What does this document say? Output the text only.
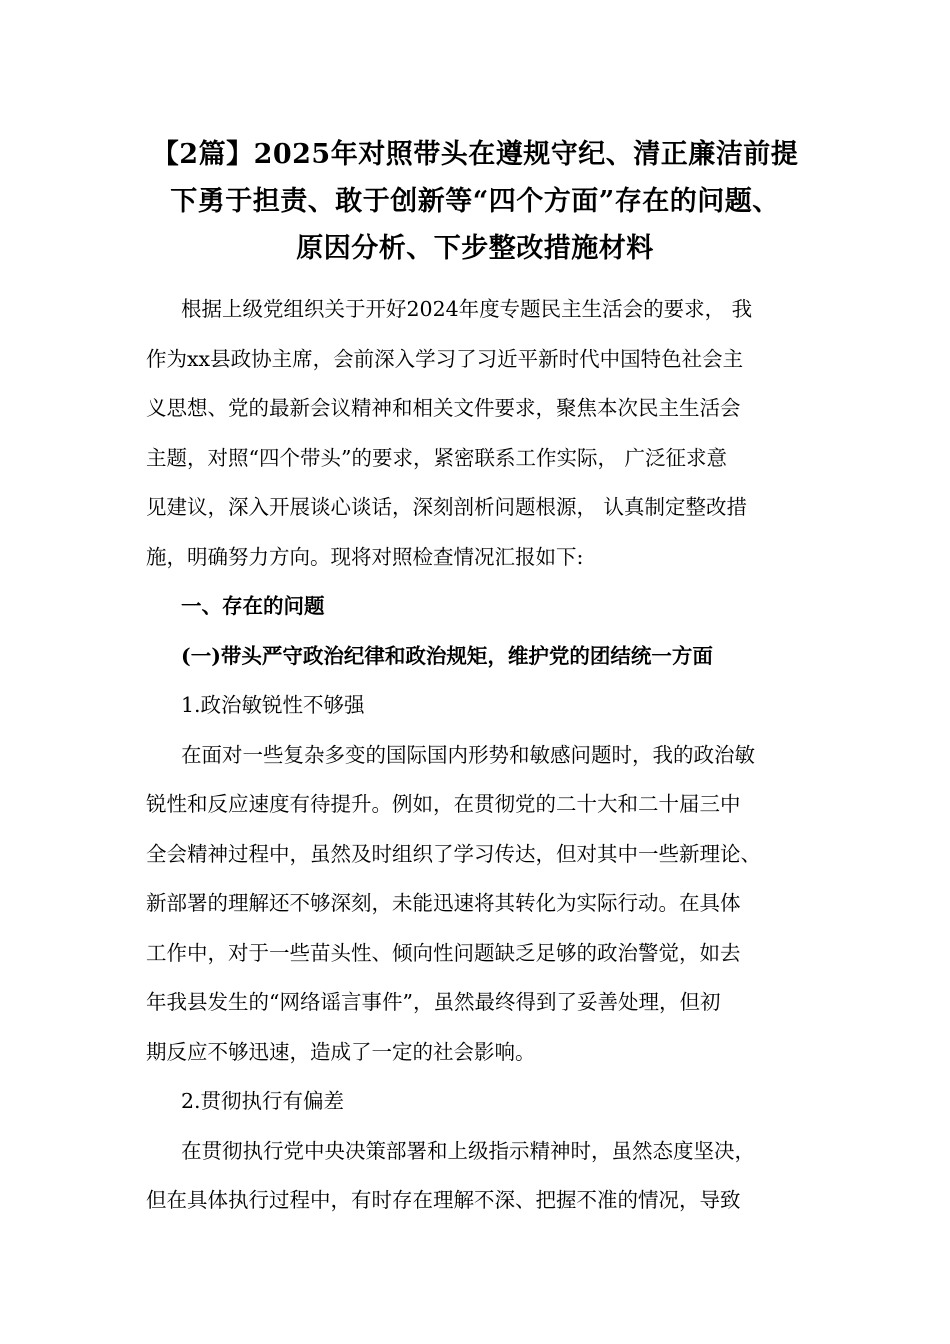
【2篇】2025年对照带头在遵规守纪、清正廉洁前提
下勇于担责、敢于创新等“四个方面”存在的问题、
原因分析、下步整改措施材料
根据上级党组织关于开好2024年度专题民主生活会的要求， 我
作为xx县政协主席，会前深入学习了习近平新时代中国特色社会主
义思想、党的最新会议精神和相关文件要求，聚焦本次民主生活会
主题，对照“四个带头”的要求，紧密联系工作实际， 广泛征求意
见建议，深入开展谈心谈话，深刻剖析问题根源， 认真制定整改措
施，明确努力方向。现将对照检查情况汇报如下:

一、存在的问题

(一)带头严守政治纪律和政治规矩，维护党的团结统一方面

1.政治敏锐性不够强

在面对一些复杂多变的国际国内形势和敏感问题时，我的政治敏
锐性和反应速度有待提升。例如，在贯彻党的二十大和二十届三中
全会精神过程中，虽然及时组织了学习传达，但对其中一些新理论、
新部署的理解还不够深刻，未能迅速将其转化为实际行动。在具体
工作中，对于一些苗头性、倾向性问题缺乏足够的政治警觉，如去
年我县发生的“网络谣言事件”，虽然最终得到了妥善处理，但初
期反应不够迅速，造成了一定的社会影响。

2.贯彻执行有偏差

在贯彻执行党中央决策部署和上级指示精神时，虽然态度坚决，
但在具体执行过程中，有时存在理解不深、把握不准的情况，导致
